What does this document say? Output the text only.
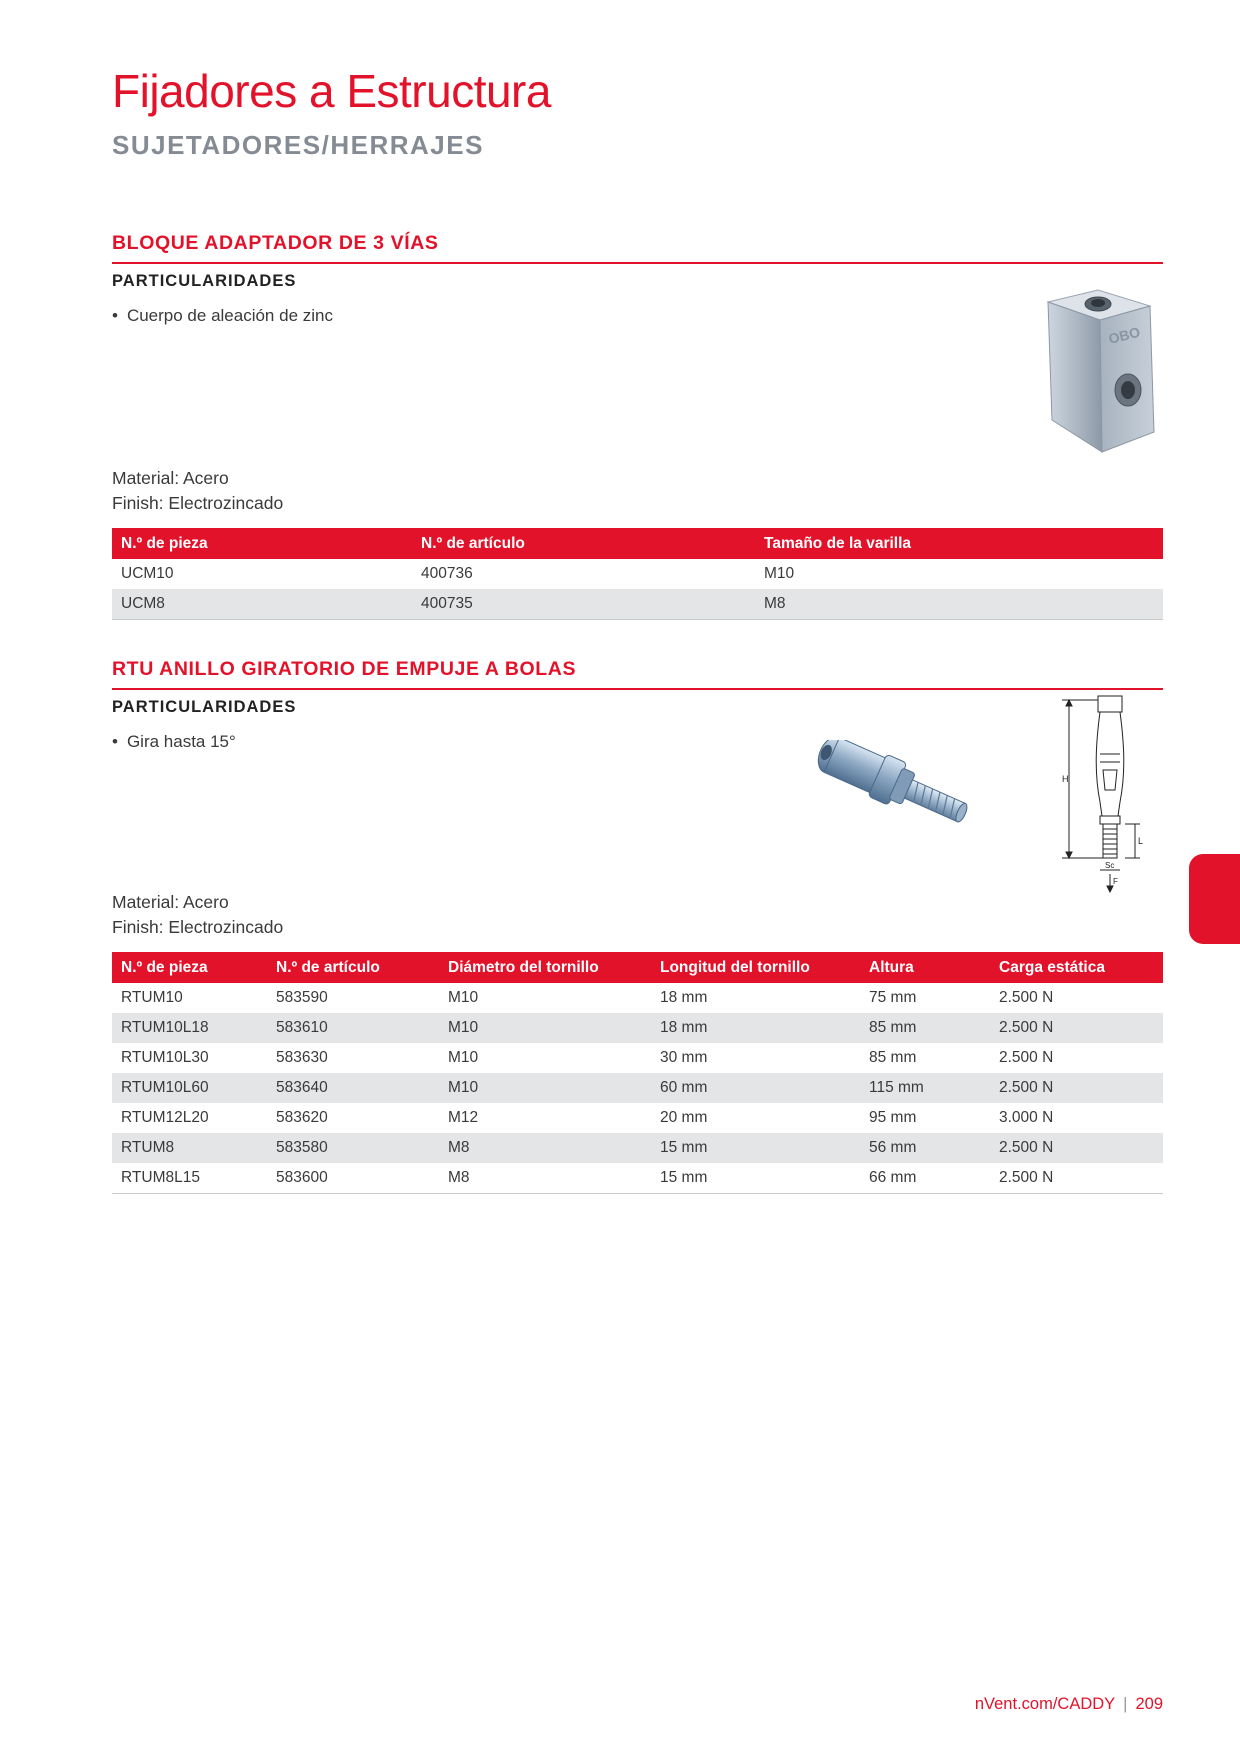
Fijadores a Estructura
SUJETADORES/HERRAJES
BLOQUE ADAPTADOR DE 3 VÍAS
PARTICULARIDADES
• Cuerpo de aleación de zinc
OBO
Material: Acero
Finish: Electrozincado
N.º de pieza	N.º de artículo	Tamaño de la varilla
UCM10	400736	M10
UCM8	400735	M8
RTU ANILLO GIRATORIO DE EMPUJE A BOLAS
PARTICULARIDADES
• Gira hasta 15°
H
L
Sc
F
Material: Acero
Finish: Electrozincado
N.º de pieza	N.º de artículo	Diámetro del tornillo	Longitud del tornillo	Altura	Carga estática
RTUM10	583590	M10	18 mm	75 mm	2.500 N
RTUM10L18	583610	M10	18 mm	85 mm	2.500 N
RTUM10L30	583630	M10	30 mm	85 mm	2.500 N
RTUM10L60	583640	M10	60 mm	115 mm	2.500 N
RTUM12L20	583620	M12	20 mm	95 mm	3.000 N
RTUM8	583580	M8	15 mm	56 mm	2.500 N
RTUM8L15	583600	M8	15 mm	66 mm	2.500 N
nVent.com/CADDY | 209
